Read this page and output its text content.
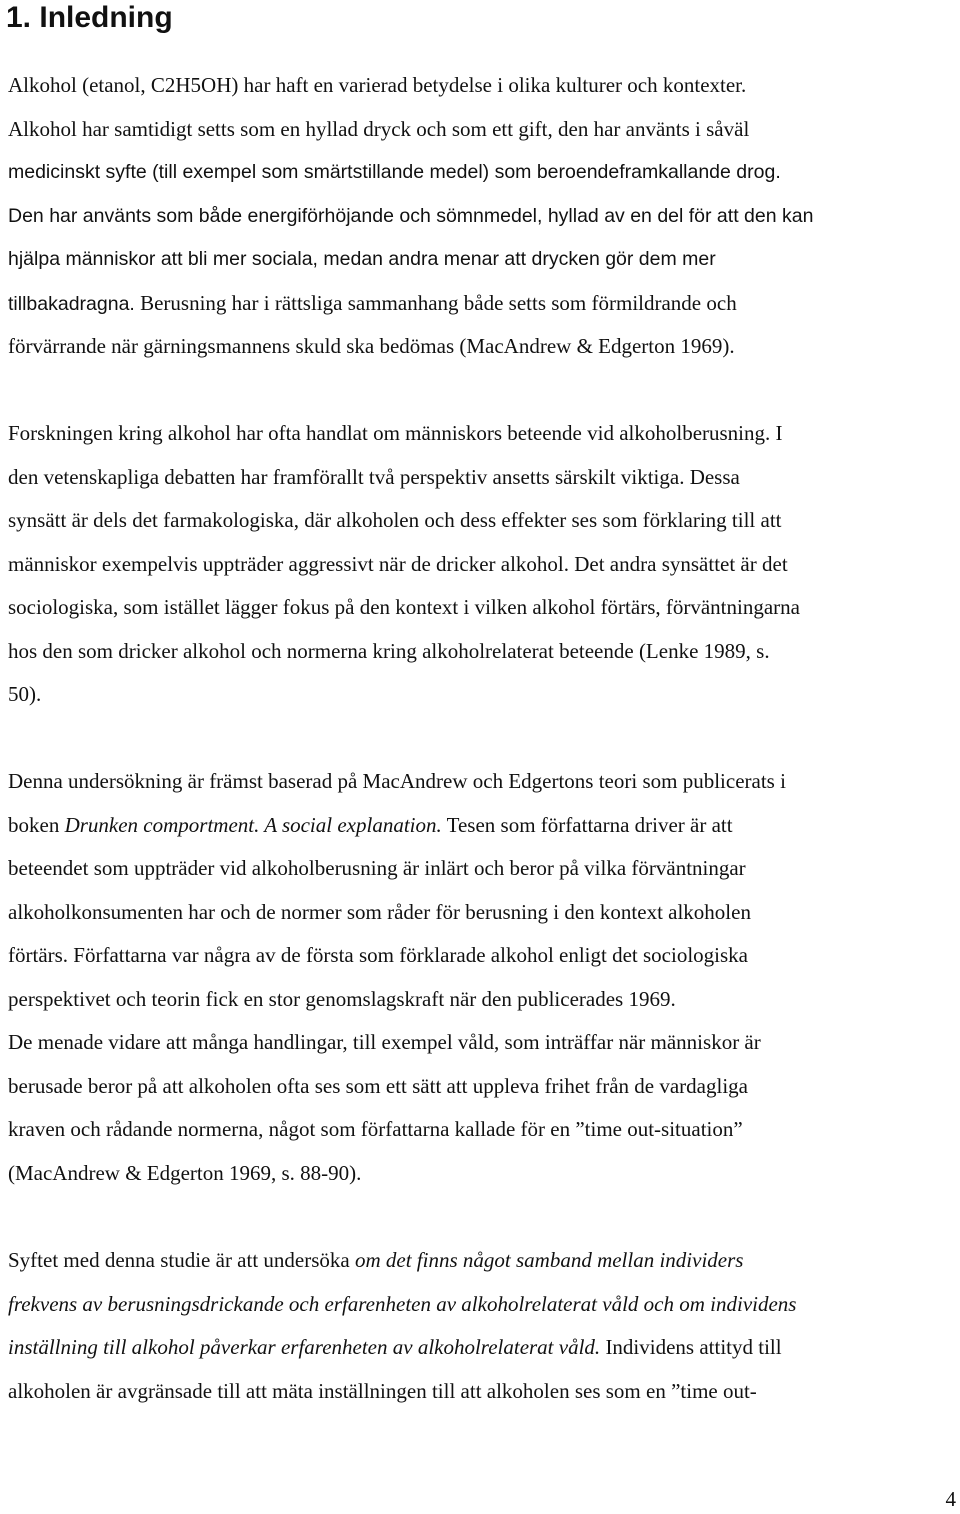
1. Inledning
Alkohol (etanol, C2H5OH) har haft en varierad betydelse i olika kulturer och kontexter.
Alkohol har samtidigt setts som en hyllad dryck och som ett gift, den har använts i såväl
medicinskt syfte (till exempel som smärtstillande medel) som beroendeframkallande drog.
Den har använts som både energiförhöjande och sömnmedel, hyllad av en del för att den kan
hjälpa människor att bli mer sociala, medan andra menar att drycken gör dem mer
tillbakadragna. Berusning har i rättsliga sammanhang både setts som förmildrande och
förvärrande när gärningsmannens skuld ska bedömas (MacAndrew & Edgerton 1969).
Forskningen kring alkohol har ofta handlat om människors beteende vid alkoholberusning. I
den vetenskapliga debatten har framförallt två perspektiv ansetts särskilt viktiga. Dessa
synsätt är dels det farmakologiska, där alkoholen och dess effekter ses som förklaring till att
människor exempelvis uppträder aggressivt när de dricker alkohol. Det andra synsättet är det
sociologiska, som istället lägger fokus på den kontext i vilken alkohol förtärs, förväntningarna
hos den som dricker alkohol och normerna kring alkoholrelaterat beteende (Lenke 1989, s.
50).
Denna undersökning är främst baserad på MacAndrew och Edgertons teori som publicerats i
boken Drunken comportment. A social explanation. Tesen som författarna driver är att
beteendet som uppträder vid alkoholberusning är inlärt och beror på vilka förväntningar
alkoholkonsumenten har och de normer som råder för berusning i den kontext alkoholen
förtärs. Författarna var några av de första som förklarade alkohol enligt det sociologiska
perspektivet och teorin fick en stor genomslagskraft när den publicerades 1969.
De menade vidare att många handlingar, till exempel våld, som inträffar när människor är
berusade beror på att alkoholen ofta ses som ett sätt att uppleva frihet från de vardagliga
kraven och rådande normerna, något som författarna kallade för en ”time out-situation”
(MacAndrew & Edgerton 1969, s. 88-90).
Syftet med denna studie är att undersöka om det finns något samband mellan individers
frekvens av berusningsdrickande och erfarenheten av alkoholrelaterat våld och om individens
inställning till alkohol påverkar erfarenheten av alkoholrelaterat våld. Individens attityd till
alkoholen är avgränsade till att mäta inställningen till att alkoholen ses som en ”time out-
4
